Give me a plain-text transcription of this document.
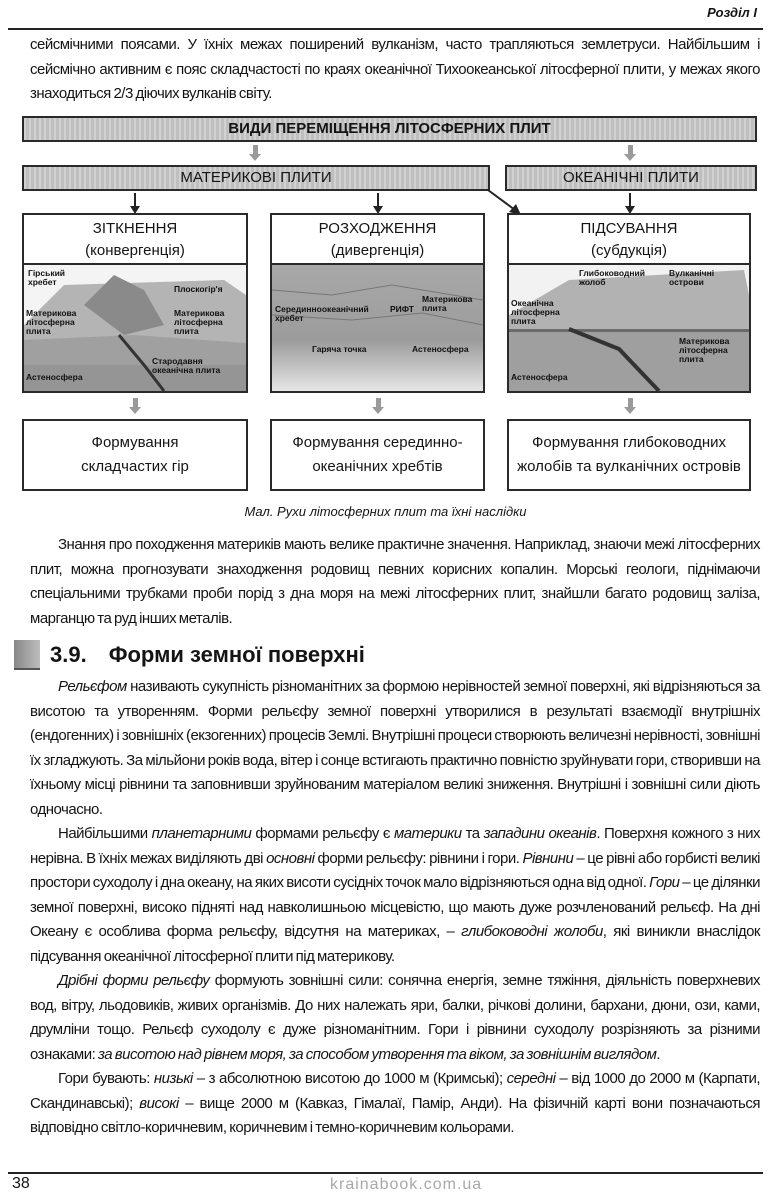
Розділ І
сейсмічними поясами. У їхніх межах поширений вулканізм, часто трапляються землетруси. Найбільшим і сейсмічно активним є пояс складчастості по краях океанічної Тихоокеанської літосферної плити, у межах якого знаходиться 2/3 діючих вулканів світу.
ВИДИ ПЕРЕМІЩЕННЯ ЛІТОСФЕРНИХ ПЛИТ
МАТЕРИКОВІ ПЛИТИ	ОКЕАНІЧНІ ПЛИТИ
ЗІТКНЕННЯ
(конвергенція)
Гірський хребет
Плоскогір'я
Материкова літосферна плита
Материкова літосферна плита
Астеносфера
Стародавня океанічна плита
РОЗХОДЖЕННЯ
(дивергенція)
Серединноокеанічний хребет
Гаряча точка
РИФТ
Материкова плита
Астеносфера
ПІДСУВАННЯ
(субдукція)
Глибоководний жолоб
Вулканічні острови
Океанічна літосферна плита
Материкова літосферна плита
Астеносфера
Формування складчастих гір
Формування серединно-океанічних хребтів
Формування глибоководних жолобів та вулканічних островів
Мал. Рухи літосферних плит та їхні наслідки

Знання про походження материків мають велике практичне значення. Наприклад, знаючи межі літосферних плит, можна прогнозувати знаходження родовищ певних корисних копалин. Морські геологи, піднімаючи спеціальними трубками проби порід з дна моря на межі літосферних плит, знайшли багато родовищ заліза, марганцю та руд інших металів.

3.9. Форми земної поверхні

Рельєфом називають сукупність різноманітних за формою нерівностей земної поверхні, які відрізняються за висотою та утворенням. Форми рельєфу земної поверхні утворилися в результаті взаємодії внутрішніх (ендогенних) і зовнішніх (екзогенних) процесів Землі. Внутрішні процеси створюють величезні нерівності, зовнішні їх згладжують. За мільйони років вода, вітер і сонце встигають практично повністю зруйнувати гори, створивши на їхньому місці рівнини та заповнивши зруйнованим матеріалом великі зниження. Внутрішні і зовнішні сили діють одночасно.

Найбільшими планетарними формами рельєфу є материки та западини океанів. Поверхня кожного з них нерівна. В їхніх межах виділяють дві основні форми рельєфу: рівнини і гори. Рівнини – це рівні або горбисті великі простори суходолу і дна океану, на яких висоти сусідніх точок мало відрізняються одна від одної. Гори – це ділянки земної поверхні, високо підняті над навколишньою місцевістю, що мають дуже розчленований рельєф. На дні Океану є особлива форма рельєфу, відсутня на материках, – глибоководні жолоби, які виникли внаслідок підсування океанічної літосферної плити під материкову.

Дрібні форми рельєфу формують зовнішні сили: сонячна енергія, земне тяжіння, діяльність поверхневих вод, вітру, льодовиків, живих організмів. До них належать яри, балки, річкові долини, бархани, дюни, ози, ками, друмліни тощо. Рельєф суходолу є дуже різноманітним. Гори і рівнини суходолу розрізняють за різними ознаками: за висотою над рівнем моря, за способом утворення та віком, за зовнішнім виглядом.

Гори бувають: низькі – з абсолютною висотою до 1000 м (Кримські); середні – від 1000 до 2000 м (Карпати, Скандинавські); високі – вище 2000 м (Кавказ, Гімалаї, Памір, Анди). На фізичній карті вони позначаються відповідно світло-коричневим, коричневим і темно-коричневим кольорами.

38	krainabook.com.ua
